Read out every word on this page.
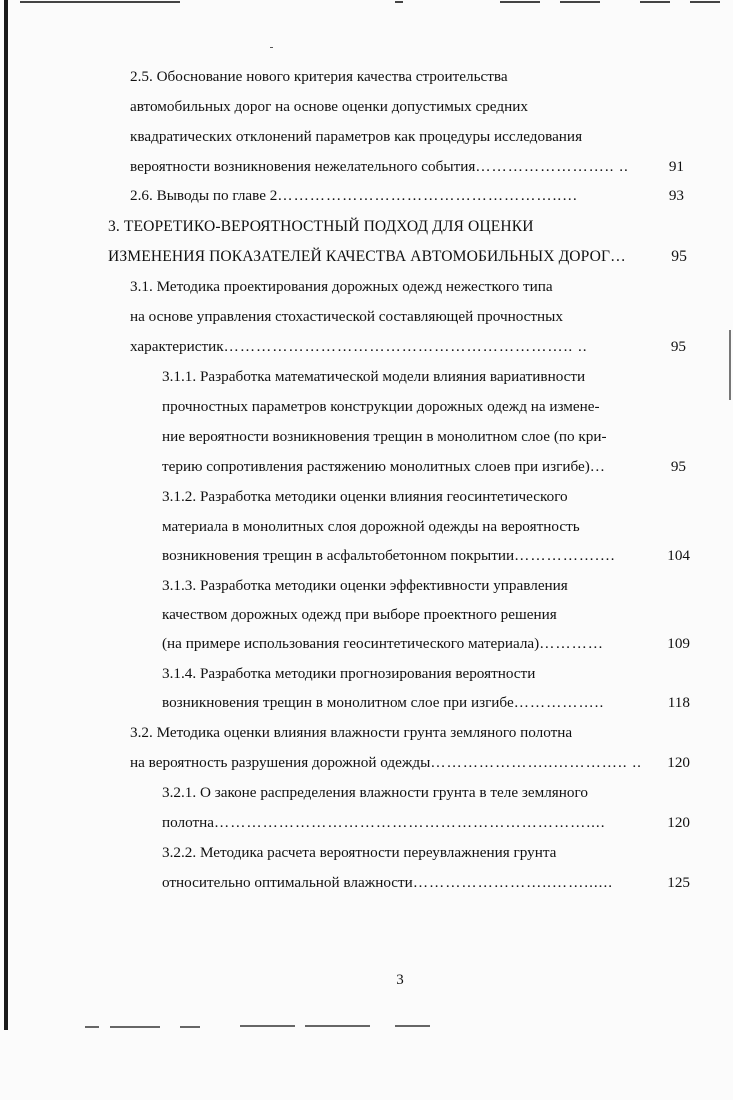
2.5. Обоснование нового критерия качества строительства
автомобильных дорог на основе оценки допустимых средних
квадратических отклонений параметров как процедуры исследования
вероятности возникновения нежелательного события …………………….. ..	91
2.6. Выводы по главе 2 ……………………………………………..…	93
3. ТЕОРЕТИКО-ВЕРОЯТНОСТНЫЙ ПОДХОД ДЛЯ ОЦЕНКИ
ИЗМЕНЕНИЯ ПОКАЗАТЕЛЕЙ КАЧЕСТВА АВТОМОБИЛЬНЫХ ДОРОГ …	95
3.1. Методика проектирования дорожных одежд нежесткого типа
на основе управления стохастической составляющей прочностных
характеристик ……………………………………………………….. ..	95
3.1.1. Разработка математической модели влияния вариативности
прочностных параметров конструкции дорожных одежд на измене-
ние вероятности возникновения трещин в монолитном слое (по кри-
терию сопротивления растяжению монолитных слоев при изгибе) …	95
3.1.2. Разработка методики оценки влияния геосинтетического
материала в монолитных слоя дорожной одежды на вероятность
возникновения трещин в асфальтобетонном покрытии …………….…	104
3.1.3. Разработка методики оценки эффективности управления
качеством дорожных одежд при выборе проектного решения
(на примере использования геосинтетического материала) …………	109
3.1.4. Разработка методики прогнозирования вероятности
возникновения трещин в монолитном слое при изгибе ……………..	118
3.2. Методика оценки влияния влажности грунта земляного полотна
на вероятность разрушения дорожной одежды …………………..………….. ..	120
3.2.1. О законе распределения влажности грунта в теле земляного
полотна ……………………………………………………………....	120
3.2.2. Методика расчета вероятности переувлажнения грунта
относительно оптимальной влажности ……………………..……......	125
3
